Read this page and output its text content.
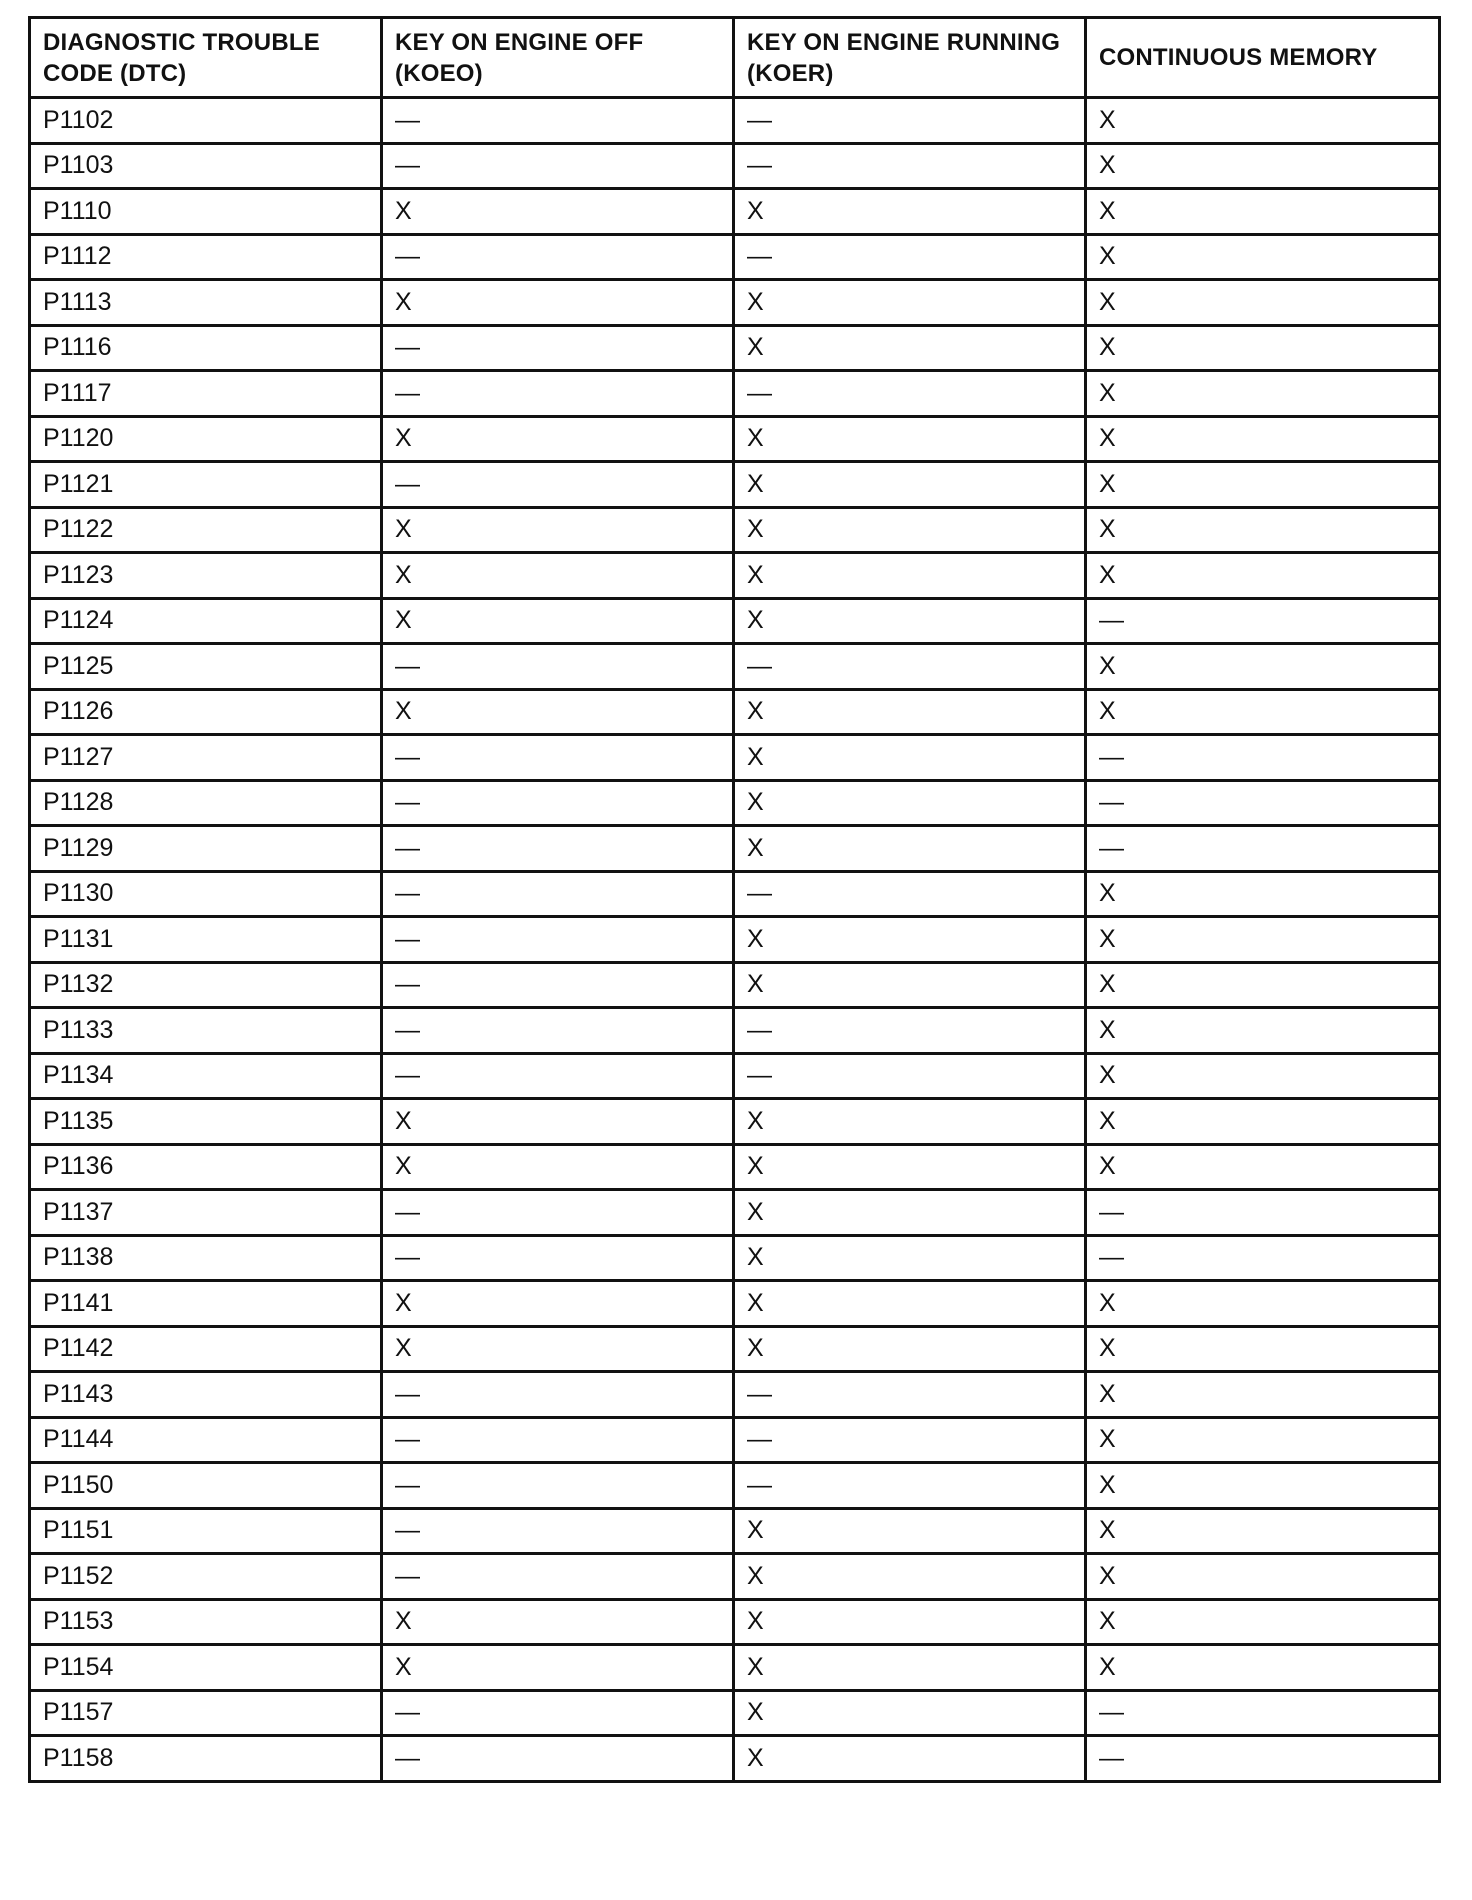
DIAGNOSTIC TROUBLE CODE (DTC)	KEY ON ENGINE OFF (KOEO)	KEY ON ENGINE RUNNING (KOER)	CONTINUOUS MEMORY
P1102	—	—	X
P1103	—	—	X
P1110	X	X	X
P1112	—	—	X
P1113	X	X	X
P1116	—	X	X
P1117	—	—	X
P1120	X	X	X
P1121	—	X	X
P1122	X	X	X
P1123	X	X	X
P1124	X	X	—
P1125	—	—	X
P1126	X	X	X
P1127	—	X	—
P1128	—	X	—
P1129	—	X	—
P1130	—	—	X
P1131	—	X	X
P1132	—	X	X
P1133	—	—	X
P1134	—	—	X
P1135	X	X	X
P1136	X	X	X
P1137	—	X	—
P1138	—	X	—
P1141	X	X	X
P1142	X	X	X
P1143	—	—	X
P1144	—	—	X
P1150	—	—	X
P1151	—	X	X
P1152	—	X	X
P1153	X	X	X
P1154	X	X	X
P1157	—	X	—
P1158	—	X	—
